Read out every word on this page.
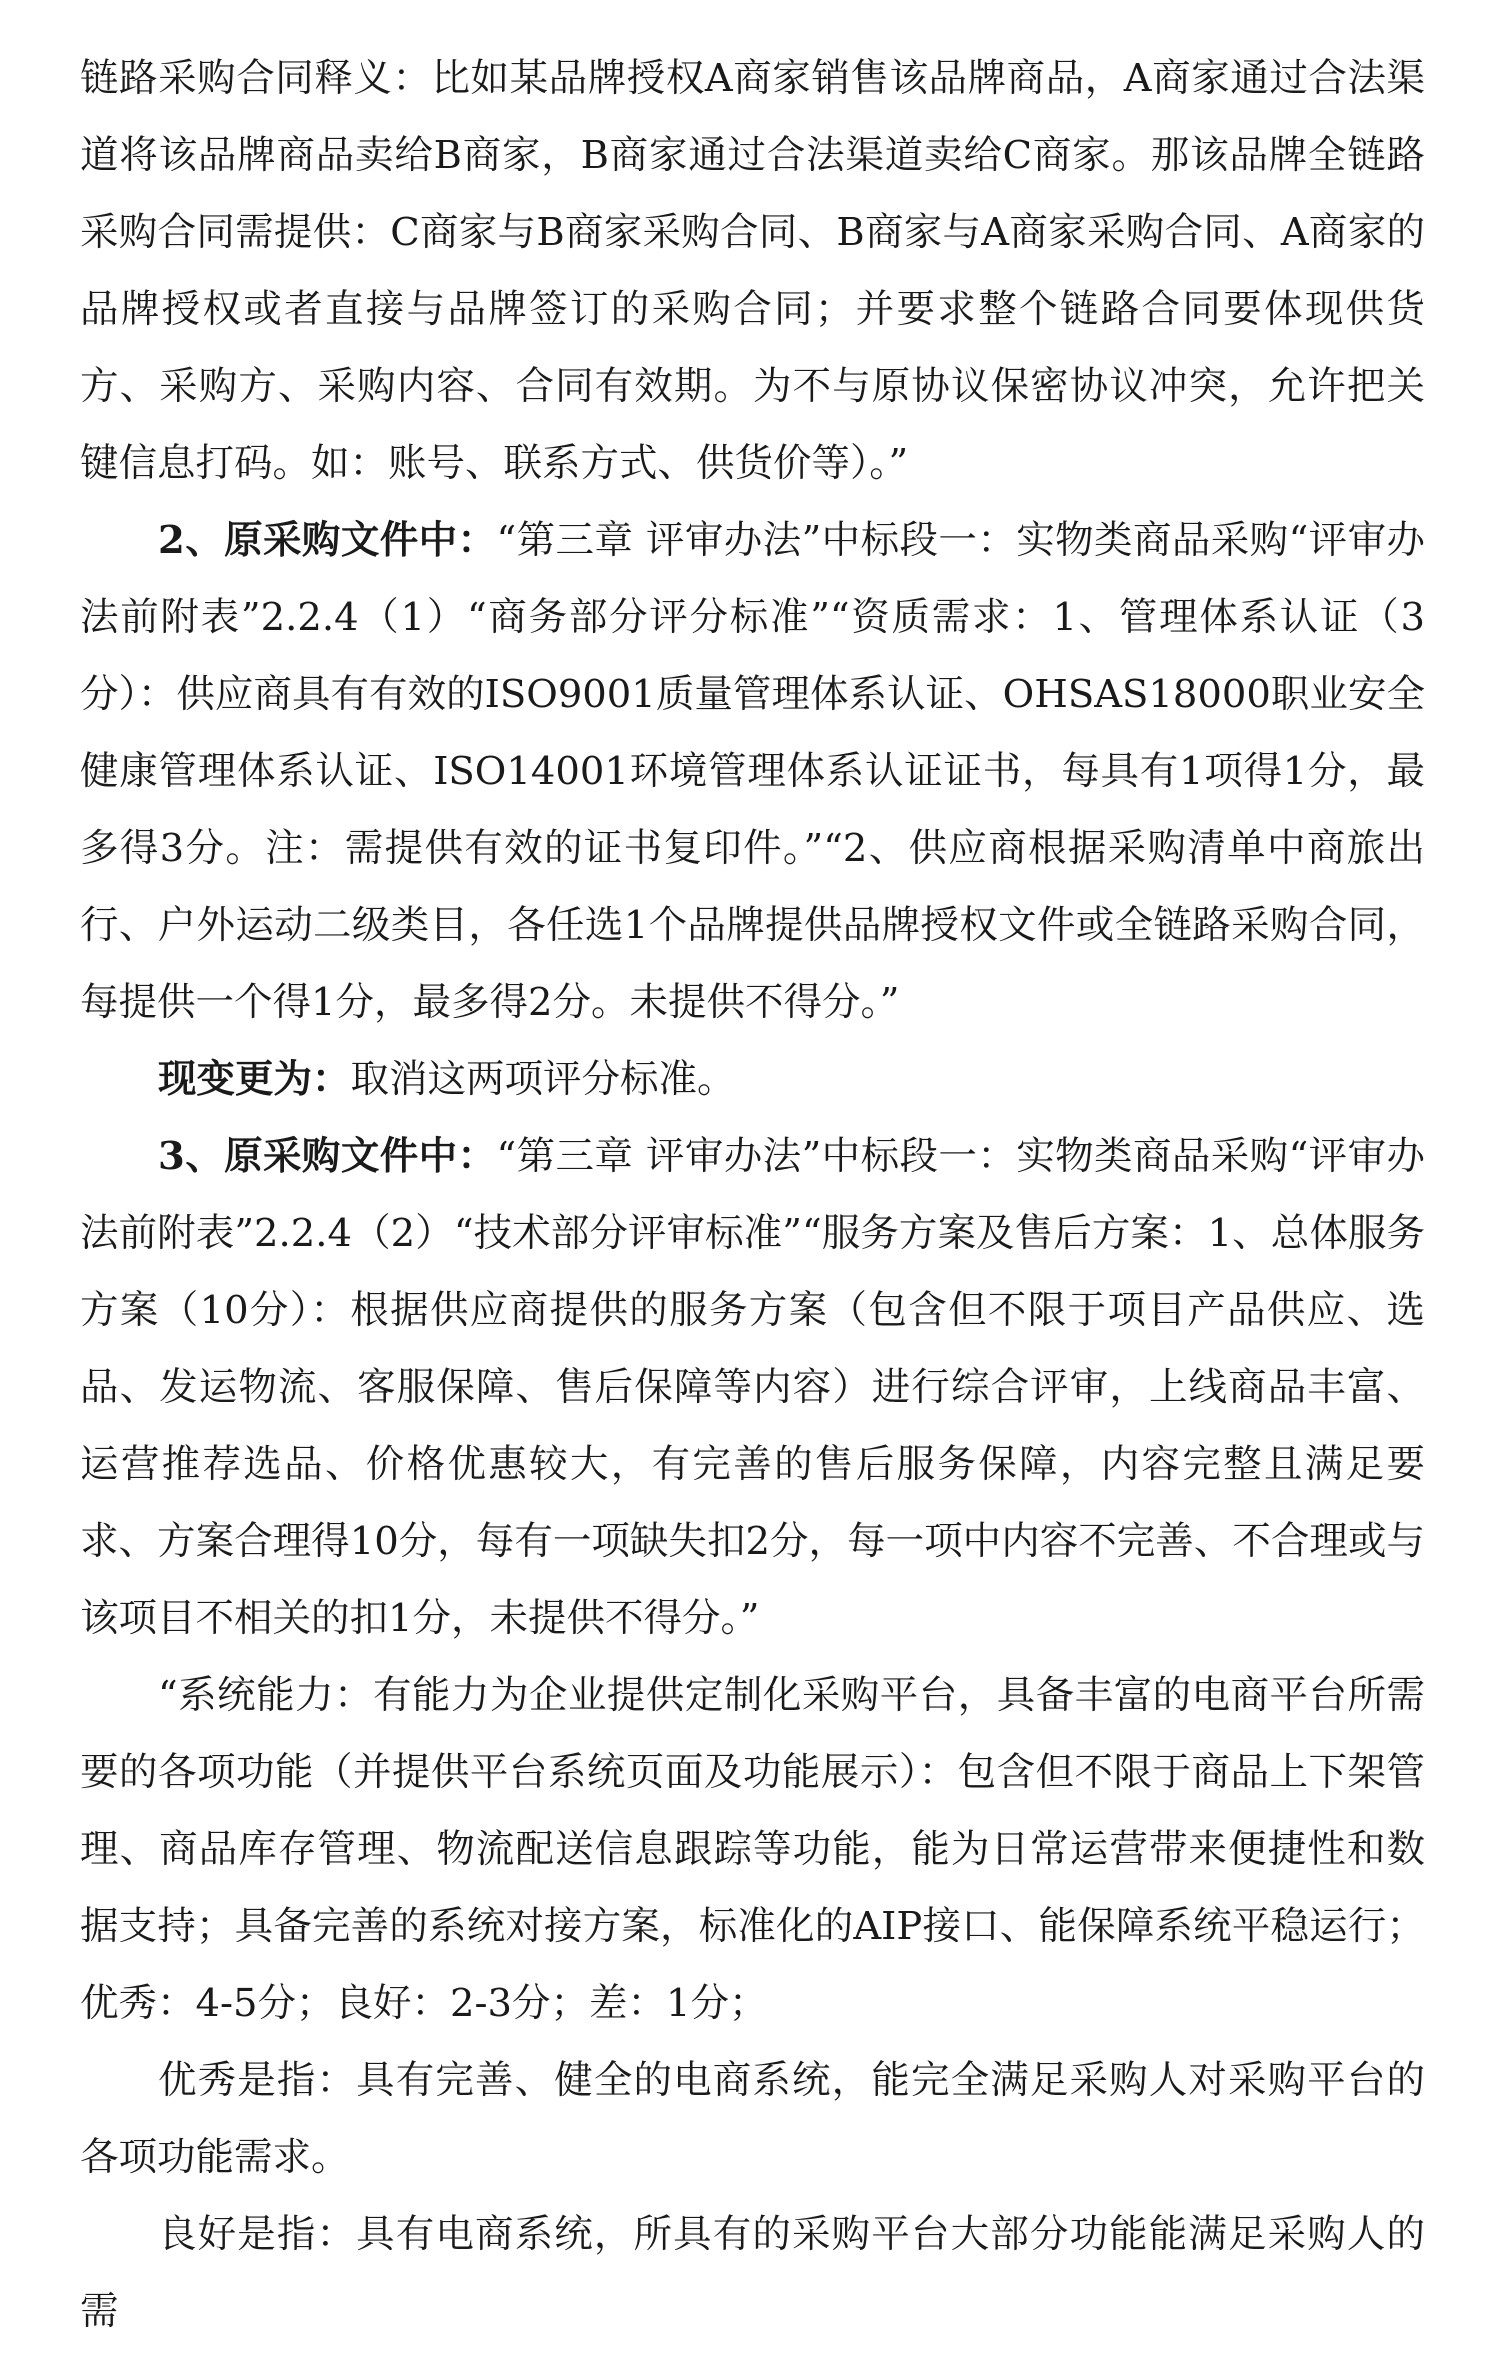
链路采购合同释义：比如某品牌授权A商家销售该品牌商品，A商家通过合法渠道将该品牌商品卖给B商家，B商家通过合法渠道卖给C商家。那该品牌全链路采购合同需提供：C商家与B商家采购合同、B商家与A商家采购合同、A商家的品牌授权或者直接与品牌签订的采购合同；并要求整个链路合同要体现供货方、采购方、采购内容、合同有效期。为不与原协议保密协议冲突，允许把关键信息打码。如：账号、联系方式、供货价等）。”

2、原采购文件中：“第三章 评审办法”中标段一：实物类商品采购“评审办法前附表”2.2.4（1）“商务部分评分标准”“资质需求：1、管理体系认证（3分）：供应商具有有效的ISO9001质量管理体系认证、OHSAS18000职业安全健康管理体系认证、ISO14001环境管理体系认证证书，每具有1项得1分，最多得3分。注：需提供有效的证书复印件。”“2、供应商根据采购清单中商旅出行、户外运动二级类目，各任选1个品牌提供品牌授权文件或全链路采购合同，每提供一个得1分，最多得2分。未提供不得分。”

现变更为：取消这两项评分标准。

3、原采购文件中：“第三章 评审办法”中标段一：实物类商品采购“评审办法前附表”2.2.4（2）“技术部分评审标准”“服务方案及售后方案：1、总体服务方案（10分）：根据供应商提供的服务方案（包含但不限于项目产品供应、选品、发运物流、客服保障、售后保障等内容）进行综合评审，上线商品丰富、运营推荐选品、价格优惠较大，有完善的售后服务保障，内容完整且满足要求、方案合理得10分，每有一项缺失扣2分，每一项中内容不完善、不合理或与该项目不相关的扣1分，未提供不得分。”

“系统能力：有能力为企业提供定制化采购平台，具备丰富的电商平台所需要的各项功能（并提供平台系统页面及功能展示）：包含但不限于商品上下架管理、商品库存管理、物流配送信息跟踪等功能，能为日常运营带来便捷性和数据支持；具备完善的系统对接方案，标准化的AIP接口、能保障系统平稳运行；优秀：4-5分；良好：2-3分；差：1分；

优秀是指：具有完善、健全的电商系统，能完全满足采购人对采购平台的各项功能需求。

良好是指：具有电商系统，所具有的采购平台大部分功能能满足采购人的需
